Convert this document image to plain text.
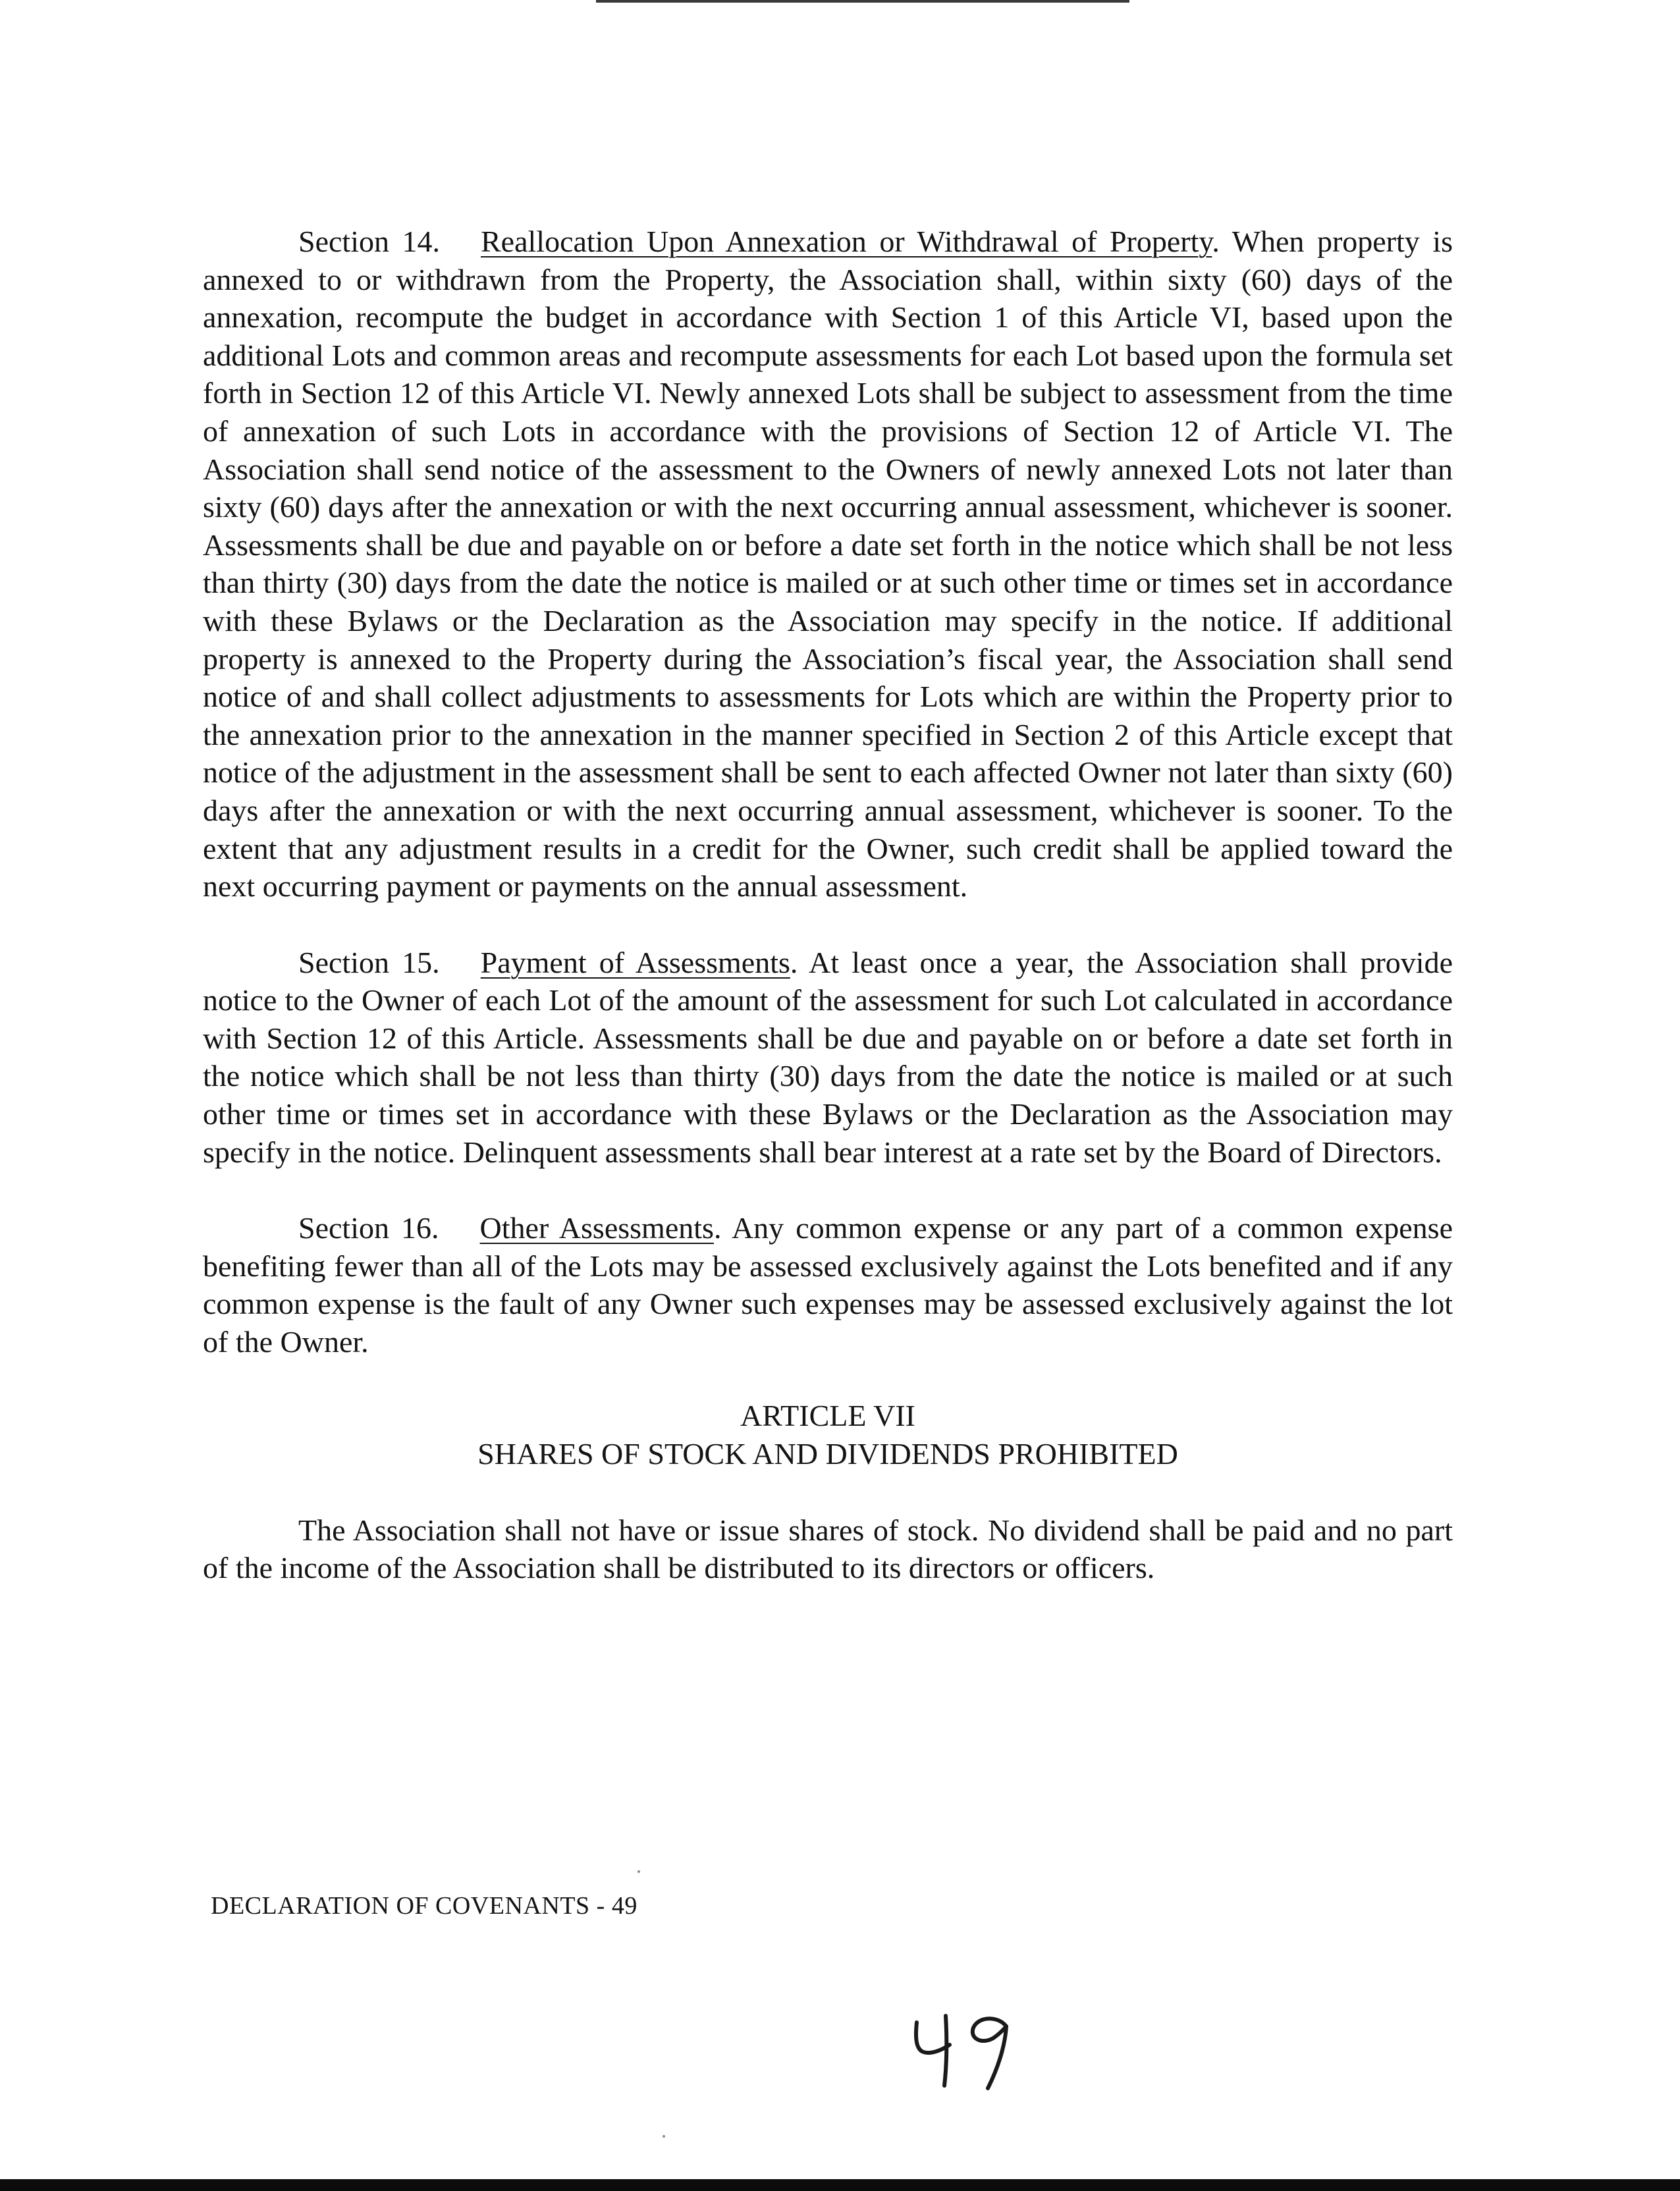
Section 14. Reallocation Upon Annexation or Withdrawal of Property. When property is annexed to or withdrawn from the Property, the Association shall, within sixty (60) days of the annexation, recompute the budget in accordance with Section 1 of this Article VI, based upon the additional Lots and common areas and recompute assessments for each Lot based upon the formula set forth in Section 12 of this Article VI. Newly annexed Lots shall be subject to assessment from the time of annexation of such Lots in accordance with the provisions of Section 12 of Article VI. The Association shall send notice of the assessment to the Owners of newly annexed Lots not later than sixty (60) days after the annexation or with the next occurring annual assessment, whichever is sooner. Assessments shall be due and payable on or before a date set forth in the notice which shall be not less than thirty (30) days from the date the notice is mailed or at such other time or times set in accordance with these Bylaws or the Declaration as the Association may specify in the notice. If additional property is annexed to the Property during the Association’s fiscal year, the Association shall send notice of and shall collect adjustments to assessments for Lots which are within the Property prior to the annexation prior to the annexation in the manner specified in Section 2 of this Article except that notice of the adjustment in the assessment shall be sent to each affected Owner not later than sixty (60) days after the annexation or with the next occurring annual assessment, whichever is sooner. To the extent that any adjustment results in a credit for the Owner, such credit shall be applied toward the next occurring payment or payments on the annual assessment.

Section 15. Payment of Assessments. At least once a year, the Association shall provide notice to the Owner of each Lot of the amount of the assessment for such Lot calculated in accordance with Section 12 of this Article. Assessments shall be due and payable on or before a date set forth in the notice which shall be not less than thirty (30) days from the date the notice is mailed or at such other time or times set in accordance with these Bylaws or the Declaration as the Association may specify in the notice. Delinquent assessments shall bear interest at a rate set by the Board of Directors.

Section 16. Other Assessments. Any common expense or any part of a common expense benefiting fewer than all of the Lots may be assessed exclusively against the Lots benefited and if any common expense is the fault of any Owner such expenses may be assessed exclusively against the lot of the Owner.

ARTICLE VII
SHARES OF STOCK AND DIVIDENDS PROHIBITED

The Association shall not have or issue shares of stock. No dividend shall be paid and no part of the income of the Association shall be distributed to its directors or officers.

DECLARATION OF COVENANTS - 49
